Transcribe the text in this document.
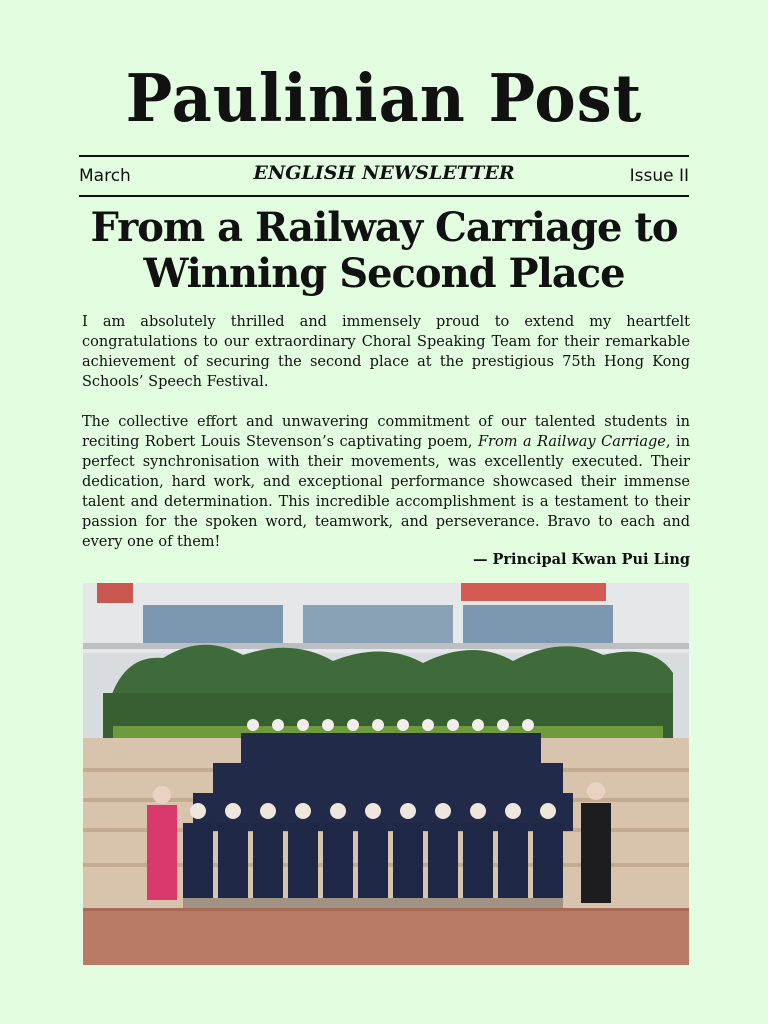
Paulinian Post
March	ENGLISH NEWSLETTER	Issue II
From a Railway Carriage to
Winning Second Place

I am absolutely thrilled and immensely proud to extend my heartfelt congratulations to our extraordinary Choral Speaking Team for their remarkable achievement of securing the second place at the prestigious 75th Hong Kong Schools’ Speech Festival.

The collective effort and unwavering commitment of our talented students in reciting Robert Louis Stevenson’s captivating poem, From a Railway Carriage, in perfect synchronisation with their movements, was excellently executed. Their dedication, hard work, and exceptional performance showcased their immense talent and determination. This incredible accomplishment is a testament to their passion for the spoken word, teamwork, and perseverance. Bravo to each and every one of them!

— Principal Kwan Pui Ling
